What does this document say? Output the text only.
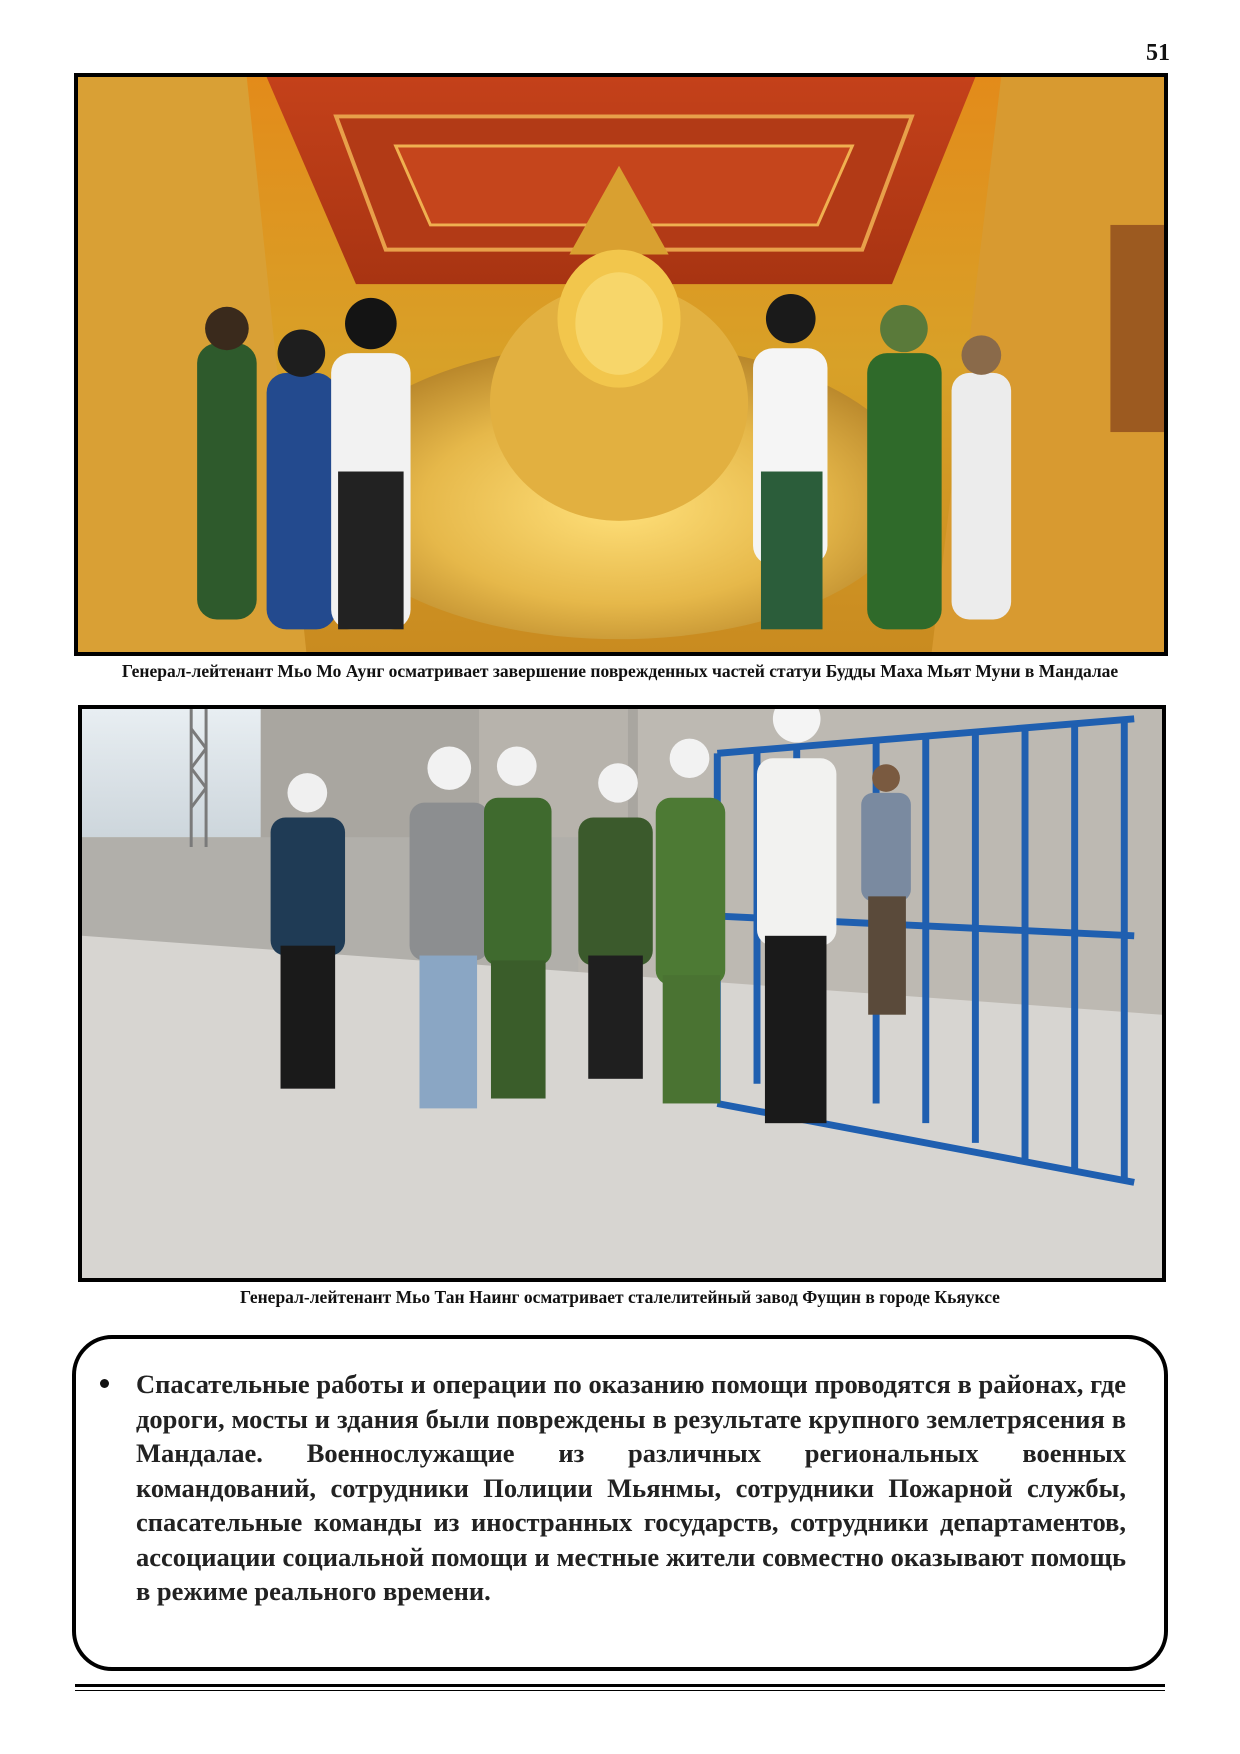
51
Генерал-лейтенант Мьо Мо Аунг осматривает завершение поврежденных частей статуи Будды Маха Мьят Муни в Мандалае
Генерал-лейтенант Мьо Тан Наинг осматривает сталелитейный завод Фущин в городе Кьяуксе
Спасательные работы и операции по оказанию помощи проводятся в районах, где дороги, мосты и здания были повреждены в результате крупного землетрясения в Мандалае. Военнослужащие из различных региональных военных командований, сотрудники Полиции Мьянмы, сотрудники Пожарной службы, спасательные команды из иностранных государств, сотрудники департаментов, ассоциации социальной помощи и местные жители совместно оказывают помощь в режиме реального времени.
